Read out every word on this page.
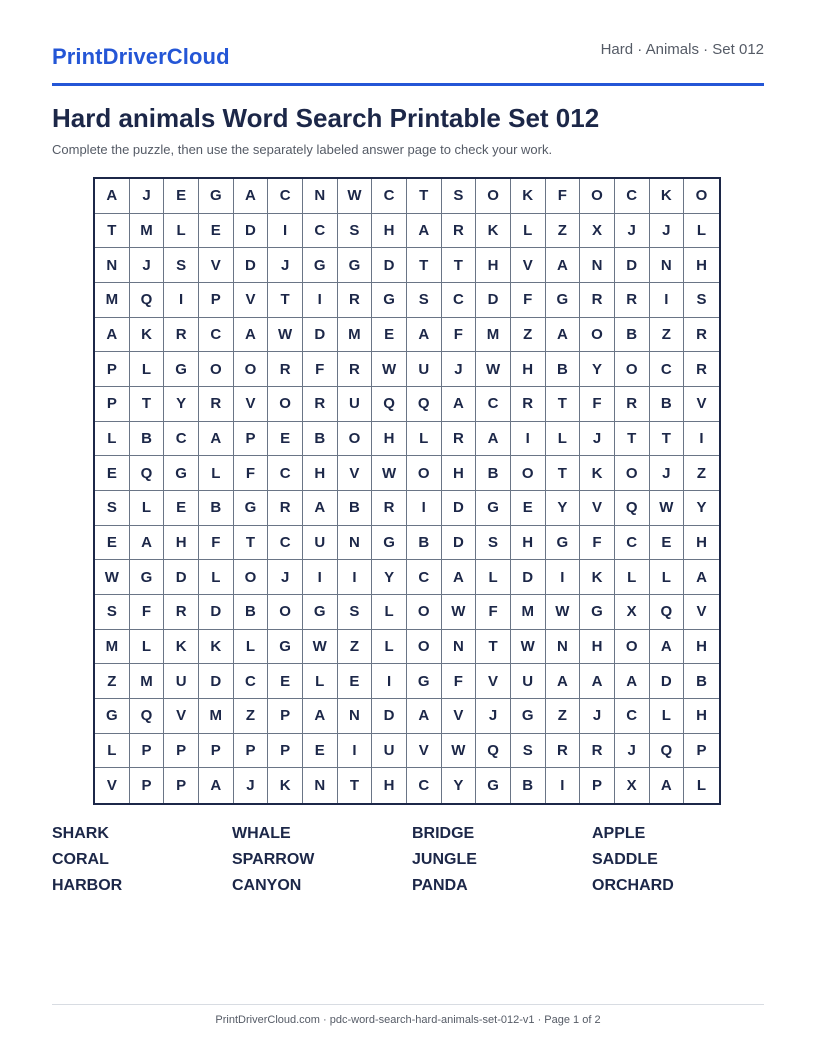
PrintDriverCloud	Hard · Animals · Set 012
Hard animals Word Search Printable Set 012
Complete the puzzle, then use the separately labeled answer page to check your work.
A	J	E	G	A	C	N	W	C	T	S	O	K	F	O	C	K	O
T	M	L	E	D	I	C	S	H	A	R	K	L	Z	X	J	J	L
N	J	S	V	D	J	G	G	D	T	T	H	V	A	N	D	N	H
M	Q	I	P	V	T	I	R	G	S	C	D	F	G	R	R	I	S
A	K	R	C	A	W	D	M	E	A	F	M	Z	A	O	B	Z	R
P	L	G	O	O	R	F	R	W	U	J	W	H	B	Y	O	C	R
P	T	Y	R	V	O	R	U	Q	Q	A	C	R	T	F	R	B	V
L	B	C	A	P	E	B	O	H	L	R	A	I	L	J	T	T	I
E	Q	G	L	F	C	H	V	W	O	H	B	O	T	K	O	J	Z
S	L	E	B	G	R	A	B	R	I	D	G	E	Y	V	Q	W	Y
E	A	H	F	T	C	U	N	G	B	D	S	H	G	F	C	E	H
W	G	D	L	O	J	I	I	Y	C	A	L	D	I	K	L	L	A
S	F	R	D	B	O	G	S	L	O	W	F	M	W	G	X	Q	V
M	L	K	K	L	G	W	Z	L	O	N	T	W	N	H	O	A	H
Z	M	U	D	C	E	L	E	I	G	F	V	U	A	A	A	D	B
G	Q	V	M	Z	P	A	N	D	A	V	J	G	Z	J	C	L	H
L	P	P	P	P	P	E	I	U	V	W	Q	S	R	R	J	Q	P
V	P	P	A	J	K	N	T	H	C	Y	G	B	I	P	X	A	L
SHARK	WHALE	BRIDGE	APPLE
CORAL	SPARROW	JUNGLE	SADDLE
HARBOR	CANYON	PANDA	ORCHARD
PrintDriverCloud.com · pdc-word-search-hard-animals-set-012-v1 · Page 1 of 2
